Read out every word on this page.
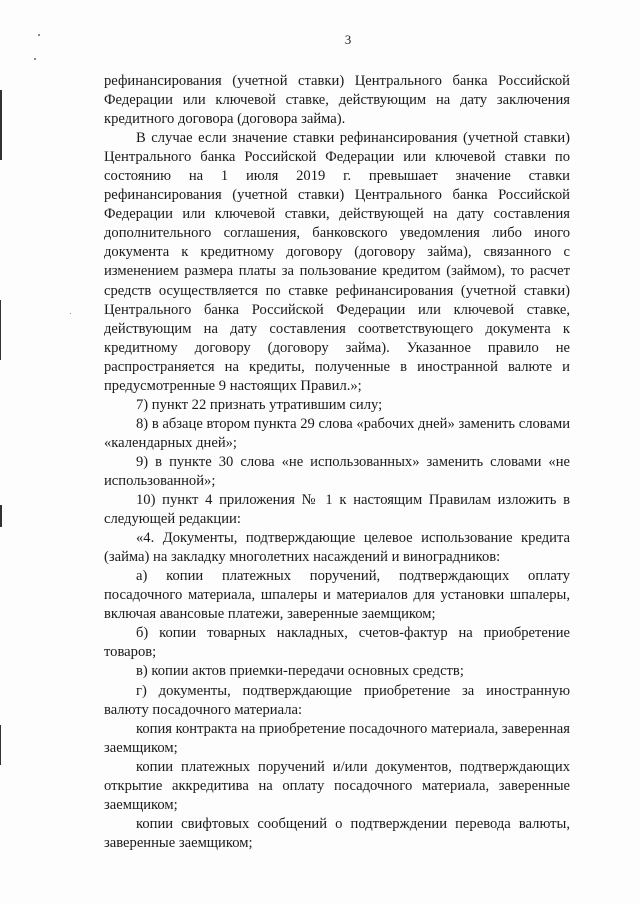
3

рефинансирования (учетной ставки) Центрального банка Российской Федерации или ключевой ставке, действующим на дату заключения кредитного договора (договора займа).

В случае если значение ставки рефинансирования (учетной ставки) Центрального банка Российской Федерации или ключевой ставки по состоянию на 1 июля 2019 г. превышает значение ставки рефинансирования (учетной ставки) Центрального банка Российской Федерации или ключевой ставки, действующей на дату составления дополнительного соглашения, банковского уведомления либо иного документа к кредитному договору (договору займа), связанного с изменением размера платы за пользование кредитом (займом), то расчет средств осуществляется по ставке рефинансирования (учетной ставки) Центрального банка Российской Федерации или ключевой ставке, действующим на дату составления соответствующего документа к кредитному договору (договору займа). Указанное правило не распространяется на кредиты, полученные в иностранной валюте и предусмотренные 9 настоящих Правил.»;

7) пункт 22 признать утратившим силу;

8) в абзаце втором пункта 29 слова «рабочих дней» заменить словами «календарных дней»;

9) в пункте 30 слова «не использованных» заменить словами «не использованной»;

10) пункт 4 приложения № 1 к настоящим Правилам изложить в следующей редакции:

«4. Документы, подтверждающие целевое использование кредита (займа) на закладку многолетних насаждений и виноградников:

а) копии платежных поручений, подтверждающих оплату посадочного материала, шпалеры и материалов для установки шпалеры, включая авансовые платежи, заверенные заемщиком;

б) копии товарных накладных, счетов-фактур на приобретение товаров;

в) копии актов приемки-передачи основных средств;

г) документы, подтверждающие приобретение за иностранную валюту посадочного материала:

копия контракта на приобретение посадочного материала, заверенная заемщиком;

копии платежных поручений и/или документов, подтверждающих открытие аккредитива на оплату посадочного материала, заверенные заемщиком;

копии свифтовых сообщений о подтверждении перевода валюты, заверенные заемщиком;
